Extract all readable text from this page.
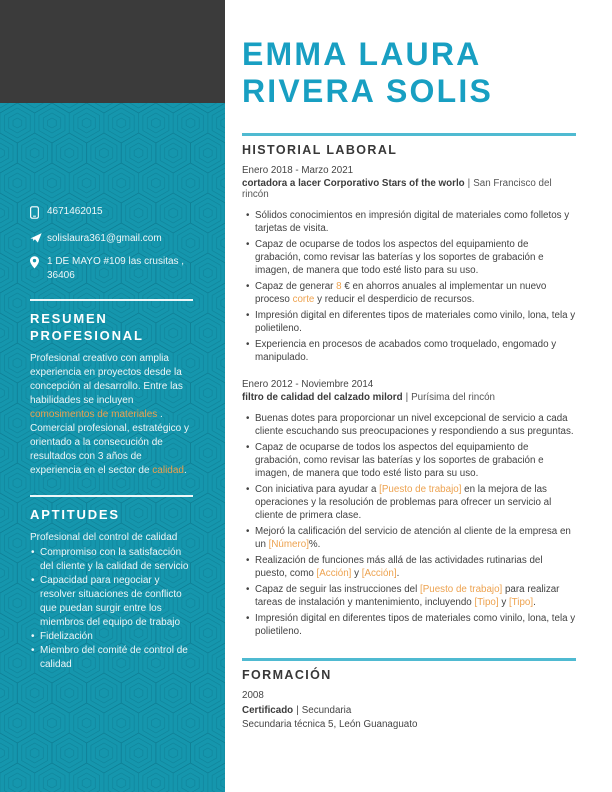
4671462015
solislaura361@gmail.com
1 DE MAYO #109 las crusitas , 36406
RESUMEN PROFESIONAL

Profesional creativo con amplia experiencia en proyectos desde la concepción al desarrollo. Entre las habilidades se incluyen comosimentos de materiales . Comercial profesional, estratégico y orientado a la consecución de resultados con 3 años de experiencia en el sector de calidad.

APTITUDES

Profesional del control de calidad

• Compromiso con la satisfacción del cliente y la calidad de servicio
• Capacidad para negociar y resolver situaciones de conflicto que puedan surgir entre los miembros del equipo de trabajo
• Fidelización
• Miembro del comité de control de calidad
EMMA LAURA
RIVERA SOLIS
HISTORIAL LABORAL
Enero 2018 - Marzo 2021
cortadora a lacer Corporativo Stars of the worlo | San Francisco del rincón
• Sólidos conocimientos en impresión digital de materiales como folletos y tarjetas de visita.
• Capaz de ocuparse de todos los aspectos del equipamiento de grabación, como revisar las baterías y los soportes de grabación e imagen, de manera que todo esté listo para su uso.
• Capaz de generar 8 € en ahorros anuales al implementar un nuevo proceso corte y reducir el desperdicio de recursos.
• Impresión digital en diferentes tipos de materiales como vinilo, lona, tela y polietileno.
• Experiencia en procesos de acabados como troquelado, engomado y manipulado.
Enero 2012 - Noviembre 2014
filtro de calidad del calzado milord | Purísima del rincón
• Buenas dotes para proporcionar un nivel excepcional de servicio a cada cliente escuchando sus preocupaciones y respondiendo a sus preguntas.
• Capaz de ocuparse de todos los aspectos del equipamiento de grabación, como revisar las baterías y los soportes de grabación e imagen, de manera que todo esté listo para su uso.
• Con iniciativa para ayudar a [Puesto de trabajo] en la mejora de las operaciones y la resolución de problemas para ofrecer un servicio al cliente de primera clase.
• Mejoró la calificación del servicio de atención al cliente de la empresa en un [Número]%.
• Realización de funciones más allá de las actividades rutinarias del puesto, como [Acción] y [Acción].
• Capaz de seguir las instrucciones del [Puesto de trabajo] para realizar tareas de instalación y mantenimiento, incluyendo [Tipo] y [Tipo].
• Impresión digital en diferentes tipos de materiales como vinilo, lona, tela y polietileno.
FORMACIÓN
2008
Certificado | Secundaria
Secundaria técnica 5, León Guanaguato
